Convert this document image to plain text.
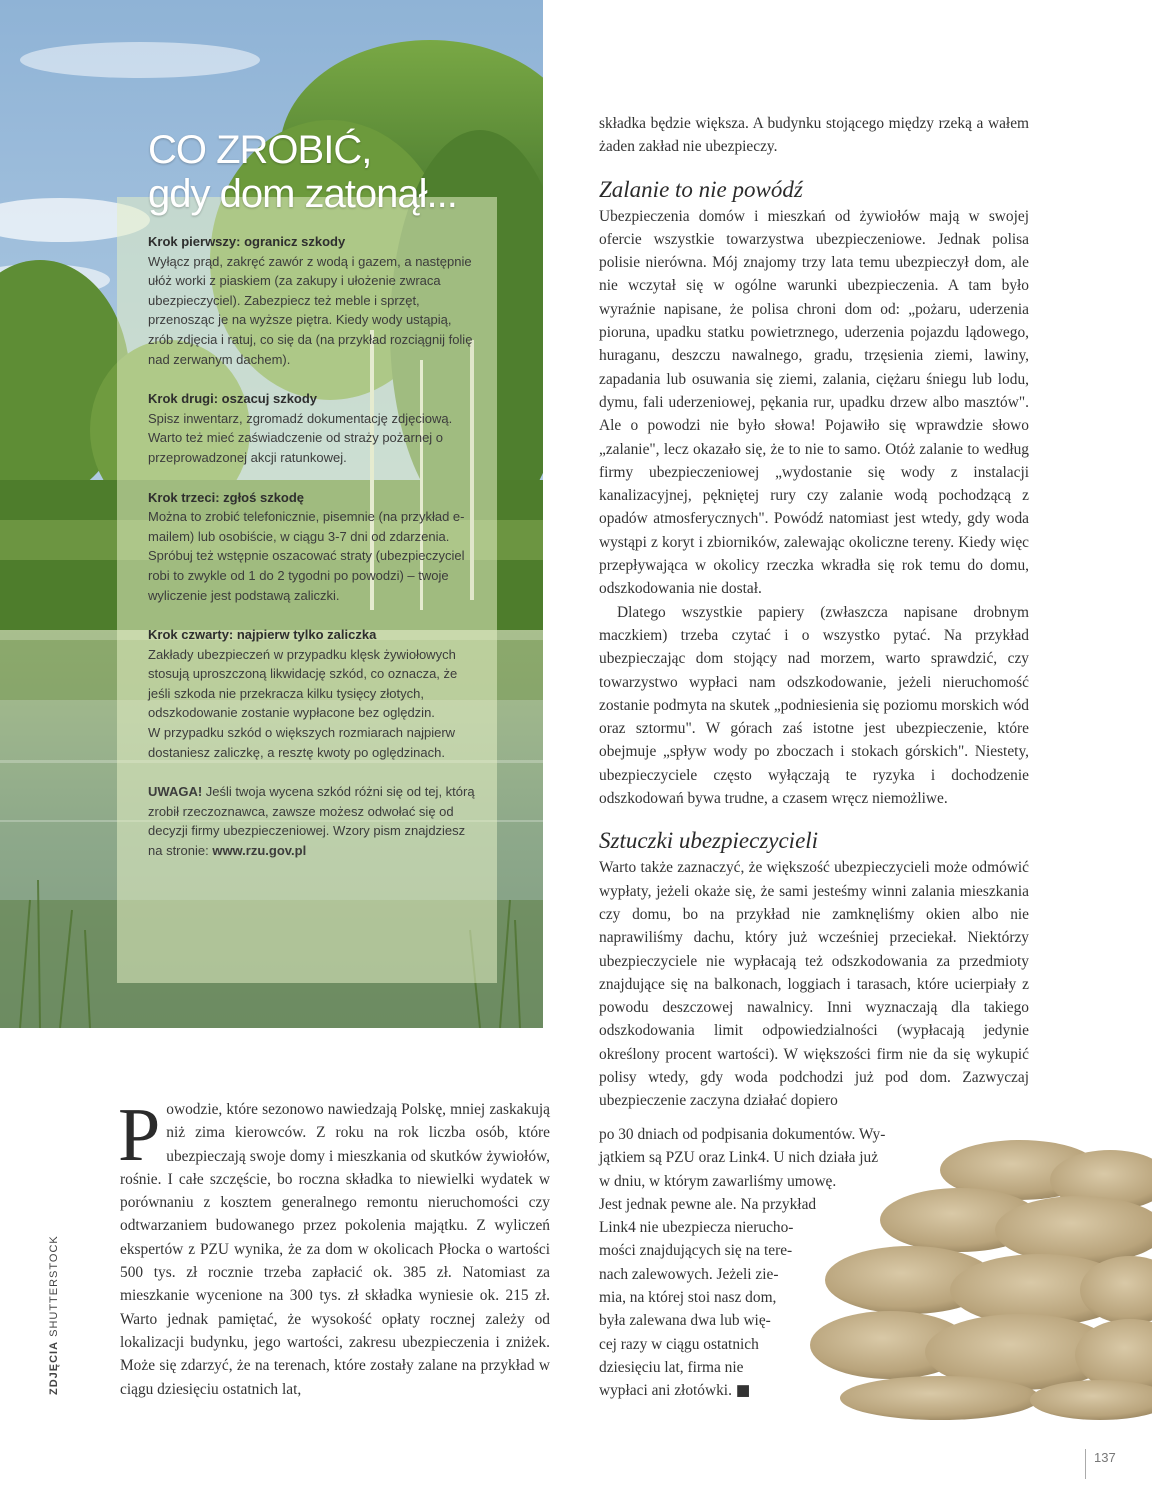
CO ZROBIĆ,
gdy dom zatonął...
Krok pierwszy: ogranicz szkody

Wyłącz prąd, zakręć zawór z wodą i gazem, a następnie ułóż worki z piaskiem (za zakupy i ułożenie zwraca ubezpieczyciel). Zabezpiecz też meble i sprzęt, przenosząc je na wyższe piętra. Kiedy wody ustąpią, zrób zdjęcia i ratuj, co się da (na przykład rozciągnij folię nad zerwanym dachem).

Krok drugi: oszacuj szkody

Spisz inwentarz, zgromadź dokumentację zdjęciową. Warto też mieć zaświadczenie od straży pożarnej o przeprowadzonej akcji ratunkowej.

Krok trzeci: zgłoś szkodę

Można to zrobić telefonicznie, pisemnie (na przykład e-mailem) lub osobiście, w ciągu 3-7 dni od zdarzenia. Spróbuj też wstępnie oszacować straty (ubezpieczyciel robi to zwykle od 1 do 2 tygodni po powodzi) – twoje wyliczenie jest podstawą zaliczki.

Krok czwarty: najpierw tylko zaliczka

Zakłady ubezpieczeń w przypadku klęsk żywiołowych stosują uproszczoną likwidację szkód, co oznacza, że jeśli szkoda nie przekracza kilku tysięcy złotych, odszkodowanie zostanie wypłacone bez oględzin.

W przypadku szkód o większych rozmiarach najpierw dostaniesz zaliczkę, a resztę kwoty po oględzinach.

UWAGA! Jeśli twoja wycena szkód różni się od tej, którą zrobił rzeczoznawca, zawsze możesz odwołać się od decyzji firmy ubezpieczeniowej. Wzory pism znajdziesz na stronie: www.rzu.gov.pl

P owodzie, które sezonowo nawiedzają Polskę, mniej zaskakują niż zima kierowców. Z roku na rok liczba osób, które ubezpieczają swoje domy i mieszkania od skutków żywiołów, rośnie. I całe szczęście, bo roczna składka to niewielki wydatek w porównaniu z kosztem generalnego remontu nieruchomości czy odtwarzaniem budowanego przez pokolenia majątku. Z wyliczeń ekspertów z PZU wynika, że za dom w okolicach Płocka o wartości 500 tys. zł rocznie trzeba zapłacić ok. 385 zł. Natomiast za mieszkanie wycenione na 300 tys. zł składka wyniesie ok. 215 zł. Warto jednak pamiętać, że wysokość opłaty rocznej zależy od lokalizacji budynku, jego wartości, zakresu ubezpieczenia i zniżek. Może się zdarzyć, że na terenach, które zostały zalane na przykład w ciągu dziesięciu ostatnich lat,

składka będzie większa. A budynku stojącego między rzeką a wałem żaden zakład nie ubezpieczy.

Zalanie to nie powódź

Ubezpieczenia domów i mieszkań od żywiołów mają w swojej ofercie wszystkie towarzystwa ubezpieczeniowe. Jednak polisa polisie nierówna. Mój znajomy trzy lata temu ubezpieczył dom, ale nie wczytał się w ogólne warunki ubezpieczenia. A tam było wyraźnie napisane, że polisa chroni dom od: „pożaru, uderzenia pioruna, upadku statku powietrznego, uderzenia pojazdu lądowego, huraganu, deszczu nawalnego, gradu, trzęsienia ziemi, lawiny, zapadania lub osuwania się ziemi, zalania, ciężaru śniegu lub lodu, dymu, fali uderzeniowej, pękania rur, upadku drzew albo masztów". Ale o powodzi nie było słowa! Pojawiło się wprawdzie słowo „zalanie", lecz okazało się, że to nie to samo. Otóż zalanie to według firmy ubezpieczeniowej „wydostanie się wody z instalacji kanalizacyjnej, pękniętej rury czy zalanie wodą pochodzącą z opadów atmosferycznych". Powódź natomiast jest wtedy, gdy woda wystąpi z koryt i zbiorników, zalewając okoliczne tereny. Kiedy więc przepływająca w okolicy rzeczka wkradła się rok temu do domu, odszkodowania nie dostał.

Dlatego wszystkie papiery (zwłaszcza napisane drobnym maczkiem) trzeba czytać i o wszystko pytać. Na przykład ubezpieczając dom stojący nad morzem, warto sprawdzić, czy towarzystwo wypłaci nam odszkodowanie, jeżeli nieruchomość zostanie podmyta na skutek „podniesienia się poziomu morskich wód oraz sztormu". W górach zaś istotne jest ubezpieczenie, które obejmuje „spływ wody po zboczach i stokach górskich". Niestety, ubezpieczyciele często wyłączają te ryzyka i dochodzenie odszkodowań bywa trudne, a czasem wręcz niemożliwe.

Sztuczki ubezpieczycieli

Warto także zaznaczyć, że większość ubezpieczycieli może odmówić wypłaty, jeżeli okaże się, że sami jesteśmy winni zalania mieszkania czy domu, bo na przykład nie zamknęliśmy okien albo nie naprawiliśmy dachu, który już wcześniej przeciekał. Niektórzy ubezpieczyciele nie wypłacają też odszkodowania za przedmioty znajdujące się na balkonach, loggiach i tarasach, które ucierpiały z powodu deszczowej nawalnicy. Inni wyznaczają dla takiego odszkodowania limit odpowiedzialności (wypłacają jedynie określony procent wartości). W większości firm nie da się wykupić polisy wtedy, gdy woda podchodzi już pod dom. Zazwyczaj ubezpieczenie zaczyna działać dopiero

po 30 dniach od podpisania dokumentów. Wy-

jątkiem są PZU oraz Link4. U nich działa już

w dniu, w którym zawarliśmy umowę.

Jest jednak pewne ale. Na przykład

Link4 nie ubezpiecza nierucho-

mości znajdujących się na tere-

nach zalewowych. Jeżeli zie-

mia, na której stoi nasz dom,

była zalewana dwa lub wię-

cej razy w ciągu ostatnich

dziesięciu lat, firma nie

wypłaci ani złotówki. ■

ZDJĘCIA SHUTTERSTOCK
137
